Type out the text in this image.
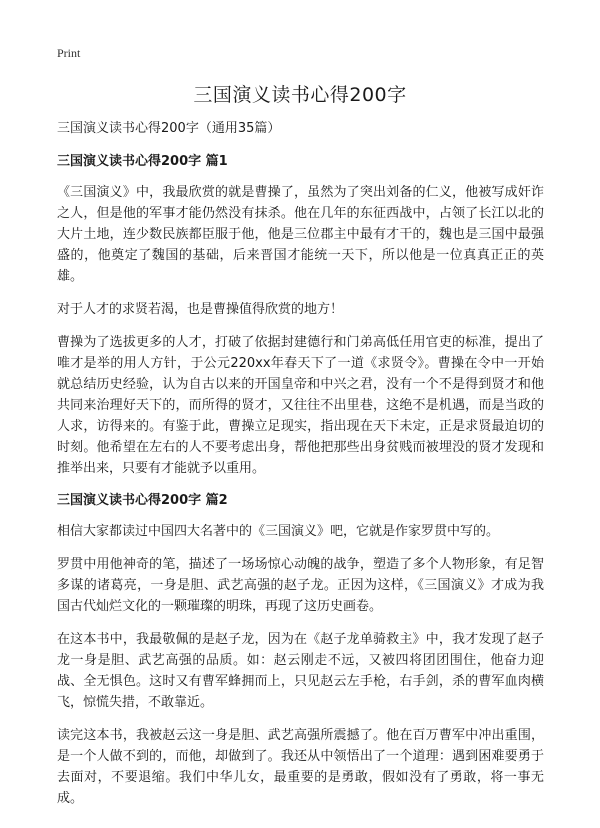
Print
三国演义读书心得200字

三国演义读书心得200字（通用35篇）

三国演义读书心得200字 篇1

《三国演义》中，我最欣赏的就是曹操了，虽然为了突出刘备的仁义，他被写成奸诈之人，但是他的军事才能仍然没有抹杀。他在几年的东征西战中，占领了长江以北的大片土地，连少数民族都臣服于他，他是三位郡主中最有才干的，魏也是三国中最强盛的，他奠定了魏国的基础，后来晋国才能统一天下，所以他是一位真真正正的英雄。

对于人才的求贤若渴，也是曹操值得欣赏的地方！

曹操为了选拔更多的人才，打破了依据封建德行和门弟高低任用官吏的标准，提出了唯才是举的用人方针，于公元220xx年春天下了一道《求贤令》。曹操在令中一开始就总结历史经验，认为自古以来的开国皇帝和中兴之君，没有一个不是得到贤才和他共同来治理好天下的，而所得的贤才，又往往不出里巷，这绝不是机遇，而是当政的人求，访得来的。有鉴于此，曹操立足现实，指出现在天下未定，正是求贤最迫切的时刻。他希望在左右的人不要考虑出身，帮他把那些出身贫贱而被埋没的贤才发现和推举出来，只要有才能就予以重用。

三国演义读书心得200字 篇2

相信大家都读过中国四大名著中的《三国演义》吧，它就是作家罗贯中写的。

罗贯中用他神奇的笔，描述了一场场惊心动魄的战争，塑造了多个人物形象，有足智多谋的诸葛亮，一身是胆、武艺高强的赵子龙。正因为这样，《三国演义》才成为我国古代灿烂文化的一颗璀璨的明珠，再现了这历史画卷。

在这本书中，我最敬佩的是赵子龙，因为在《赵子龙单骑救主》中，我才发现了赵子龙一身是胆、武艺高强的品质。如：赵云刚走不远，又被四将团团围住，他奋力迎战、全无惧色。这时又有曹军蜂拥而上，只见赵云左手枪，右手剑，杀的曹军血肉横飞，惊慌失措，不敢靠近。

读完这本书，我被赵云这一身是胆、武艺高强所震撼了。他在百万曹军中冲出重围，是一个人做不到的，而他，却做到了。我还从中领悟出了一个道理：遇到困难要勇于去面对，不要退缩。我们中华儿女，最重要的是勇敢，假如没有了勇敢，将一事无成。
